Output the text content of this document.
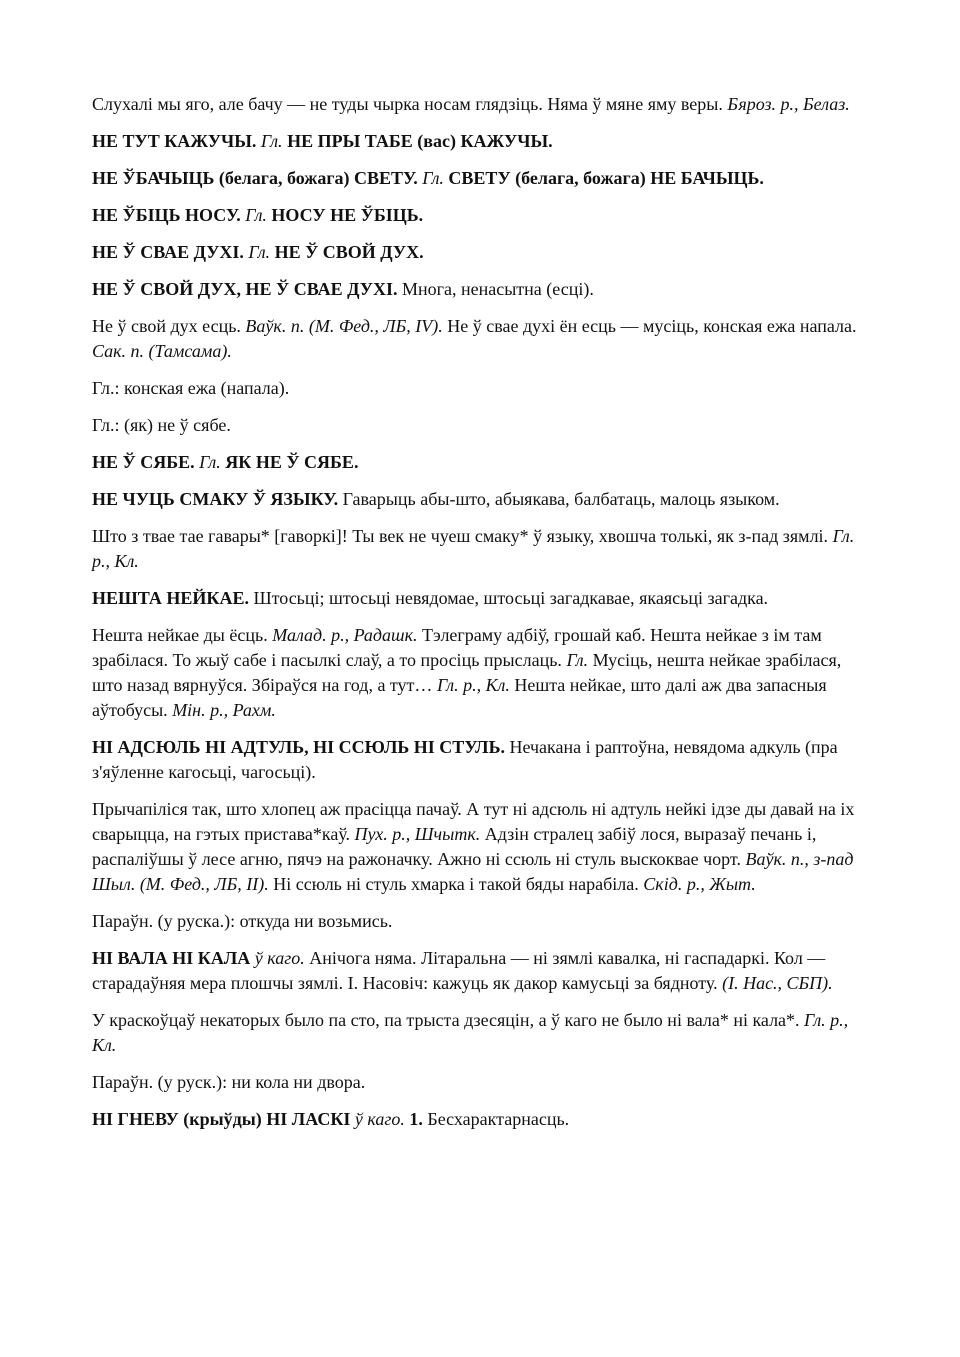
Слухалі мы яго, але бачу — не туды чырка носам глядзіць. Няма ў мяне яму веры. Бяроз. р., Белаз.

НЕ ТУТ КАЖУЧЫ. Гл. НЕ ПРЫ ТАБЕ (вас) КАЖУЧЫ.

НЕ ЎБАЧЫЦЬ (белага, божага) СВЕТУ. Гл. СВЕТУ (белага, божага) НЕ БАЧЫЦЬ.

НЕ ЎБІЦЬ НОСУ. Гл. НОСУ НЕ ЎБІЦЬ.

НЕ Ў СВАЕ ДУХІ. Гл. НЕ Ў СВОЙ ДУХ.

НЕ Ў СВОЙ ДУХ, НЕ Ў СВАЕ ДУХІ. Многа, ненасытна (есці).

Не ў свой дух есць. Ваўк. п. (М. Фед., ЛБ, IV). Не ў свае духі ён есць — мусіць, конская ежа напала. Сак. п. (Тамсама).

Гл.: конская ежа (напала).

Гл.: (як) не ў сябе.

НЕ Ў СЯБЕ. Гл. ЯК НЕ Ў СЯБЕ.

НЕ ЧУЦЬ СМАКУ Ў ЯЗЫКУ. Гаварыць абы-што, абыякава, балбатаць, малоць языком.

Што з твае тае гавары* [гаворкі]! Ты век не чуеш смаку* ў языку, хвошча толькі, як з-пад зямлі. Гл. р., Кл.

НЕШТА НЕЙКАЕ. Штосьці; штосьці невядомае, штосьці загадкавае, якаясьці загадка.

Нешта нейкае ды ёсць. Малад. р., Радашк. Тэлеграму адбіў, грошай каб. Нешта нейкае з ім там зрабілася. То жыў сабе і пасылкі слаў, а то просіць прыслаць. Гл. Мусіць, нешта нейкае зрабілася, што назад вярнуўся. Збіраўся на год, а тут… Гл. р., Кл. Нешта нейкае, што далі аж два запасныя аўтобусы. Мін. р., Рахм.

НІ АДСЮЛЬ НІ АДТУЛЬ, НІ ССЮЛЬ НІ СТУЛЬ. Нечакана і раптоўна, невядома адкуль (пра з'яўленне кагосьці, чагосьці).

Прычапіліся так, што хлопец аж прасіцца пачаў. А тут ні адсюль ні адтуль нейкі ідзе ды давай на іх сварыцца, на гэтых пристава*каў. Пух. р., Шчытк. Адзін стралец забіў лося, выразаў печань і, распаліўшы ў лесе агню, пячэ на ражоначку. Ажно ні ссюль ні стуль выскоквае чорт. Ваўк. п., з-пад Шыл. (М. Фед., ЛБ, II). Ні ссюль ні стуль хмарка і такой бяды нарабіла. Скід. р., Жыт.

Параўн. (у рускa.): откуда ни возьмись.

НІ ВАЛА НІ КАЛА ў каго. Анічога няма. Літаральна — ні зямлі кавалка, ні гаспадаркі. Кол — старадаўняя мера плошчы зямлі. І. Насовіч: кажуць як дакор камусьці за бядноту. (І. Нас., СБП).

У краскоўцаў некаторых было па сто, па трыста дзесяцін, а ў каго не было ні вала* ні кала*. Гл. р., Кл.

Параўн. (у руск.): ни кола ни двора.

НІ ГНЕВУ (крыўды) НІ ЛАСКІ ў каго. 1. Бесхарактарнасць.
